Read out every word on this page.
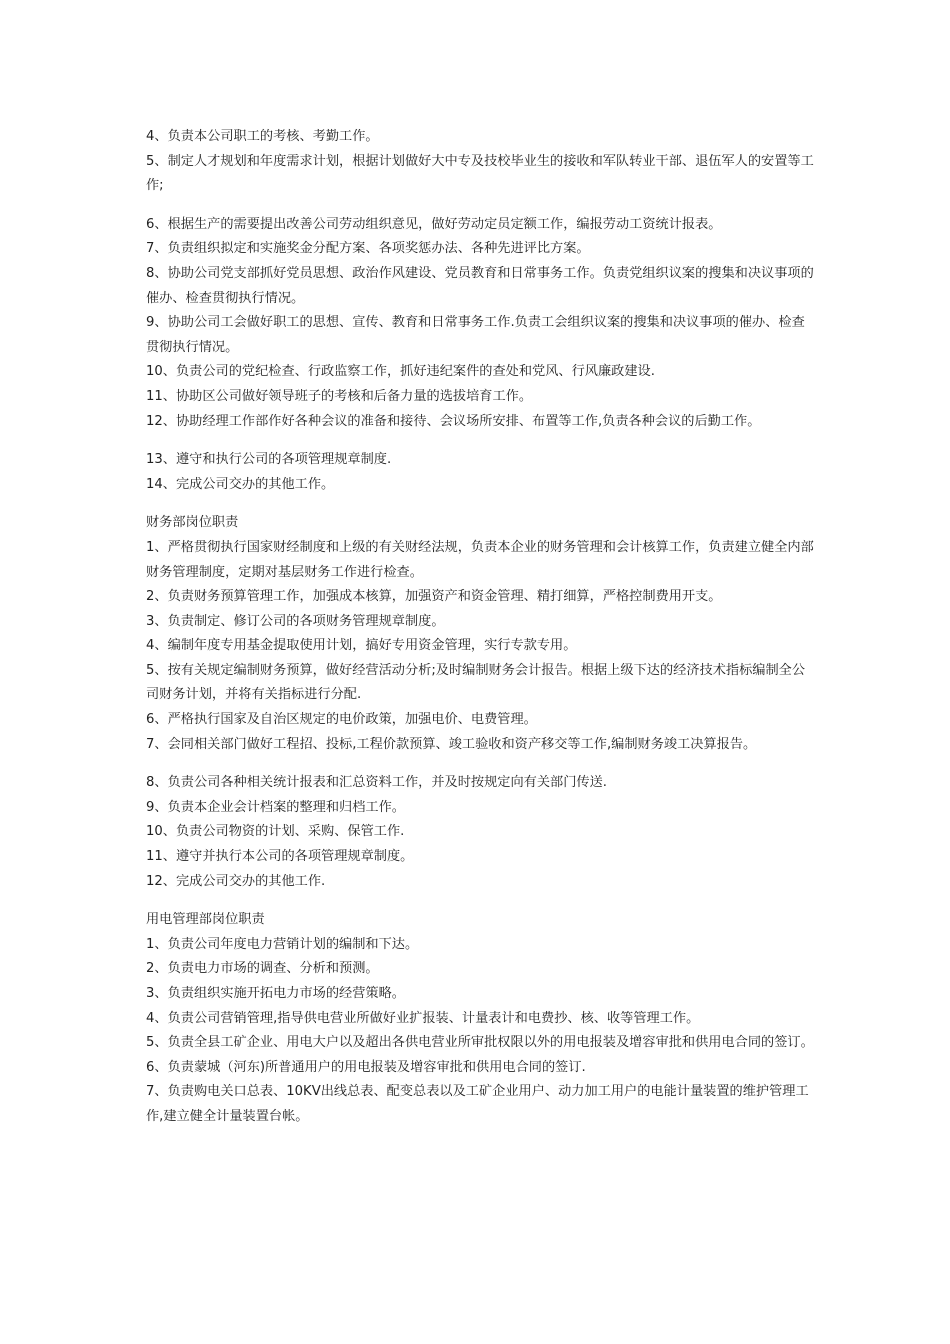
4、负责本公司职工的考核、考勤工作。

5、制定人才规划和年度需求计划，根据计划做好大中专及技校毕业生的接收和军队转业干部、退伍军人的安置等工作;

6、根据生产的需要提出改善公司劳动组织意见，做好劳动定员定额工作，编报劳动工资统计报表。

7、负责组织拟定和实施奖金分配方案、各项奖惩办法、各种先进评比方案。

8、协助公司党支部抓好党员思想、政治作风建设、党员教育和日常事务工作。负责党组织议案的搜集和决议事项的催办、检查贯彻执行情况。

9、协助公司工会做好职工的思想、宣传、教育和日常事务工作.负责工会组织议案的搜集和决议事项的催办、检查贯彻执行情况。

10、负责公司的党纪检查、行政监察工作，抓好违纪案件的查处和党风、行风廉政建设.

11、协助区公司做好领导班子的考核和后备力量的选拔培育工作。

12、协助经理工作部作好各种会议的准备和接待、会议场所安排、布置等工作,负责各种会议的后勤工作。

13、遵守和执行公司的各项管理规章制度.

14、完成公司交办的其他工作。

财务部岗位职责

1、严格贯彻执行国家财经制度和上级的有关财经法规，负责本企业的财务管理和会计核算工作，负责建立健全内部财务管理制度，定期对基层财务工作进行检查。

2、负责财务预算管理工作，加强成本核算，加强资产和资金管理、精打细算，严格控制费用开支。

3、负责制定、修订公司的各项财务管理规章制度。

4、编制年度专用基金提取使用计划，搞好专用资金管理，实行专款专用。

5、按有关规定编制财务预算，做好经营活动分析;及时编制财务会计报告。根据上级下达的经济技术指标编制全公司财务计划，并将有关指标进行分配.

6、严格执行国家及自治区规定的电价政策，加强电价、电费管理。

7、会同相关部门做好工程招、投标,工程价款预算、竣工验收和资产移交等工作,编制财务竣工决算报告。

8、负责公司各种相关统计报表和汇总资料工作，并及时按规定向有关部门传送.

9、负责本企业会计档案的整理和归档工作。

10、负责公司物资的计划、采购、保管工作.

11、遵守并执行本公司的各项管理规章制度。

12、完成公司交办的其他工作.

用电管理部岗位职责

1、负责公司年度电力营销计划的编制和下达。

2、负责电力市场的调查、分析和预测。

3、负责组织实施开拓电力市场的经营策略。

4、负责公司营销管理,指导供电营业所做好业扩报装、计量表计和电费抄、核、收等管理工作。

5、负责全县工矿企业、用电大户以及超出各供电营业所审批权限以外的用电报装及增容审批和供用电合同的签订。

6、负责蒙城（河东)所普通用户的用电报装及增容审批和供用电合同的签订.

7、负责购电关口总表、10KV出线总表、配变总表以及工矿企业用户、动力加工用户的电能计量装置的维护管理工作,建立健全计量装置台帐。
